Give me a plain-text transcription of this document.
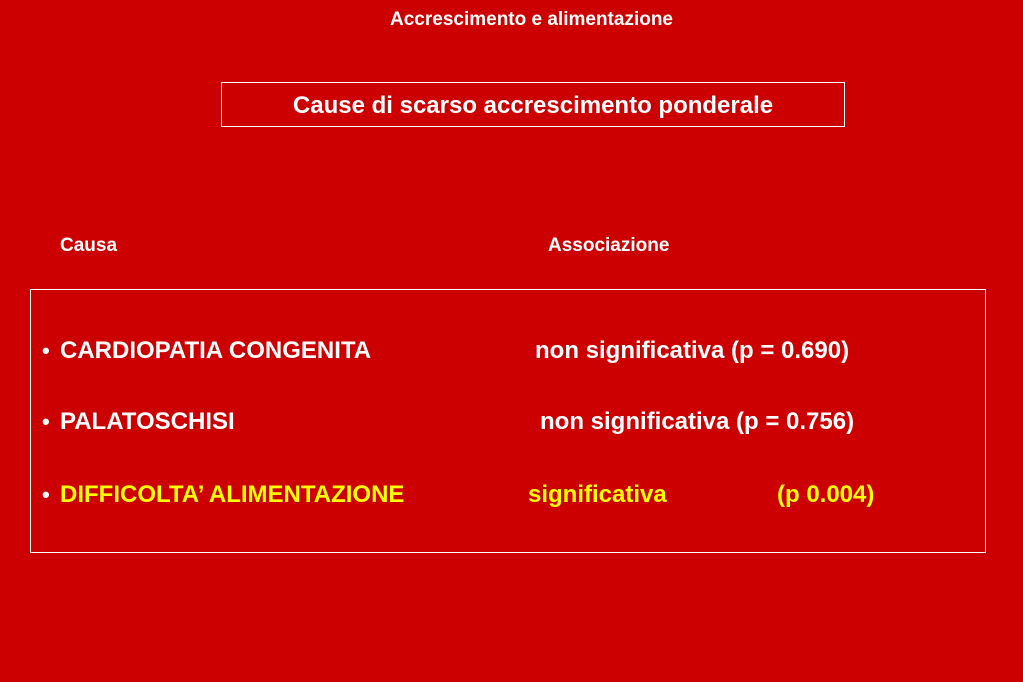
Accrescimento e alimentazione
Cause di scarso accrescimento ponderale
Causa	Associazione
• CARDIOPATIA CONGENITA	non significativa (p = 0.690)
• PALATOSCHISI	non significativa (p = 0.756)
• DIFFICOLTA’ ALIMENTAZIONE	significativa	(p 0.004)
